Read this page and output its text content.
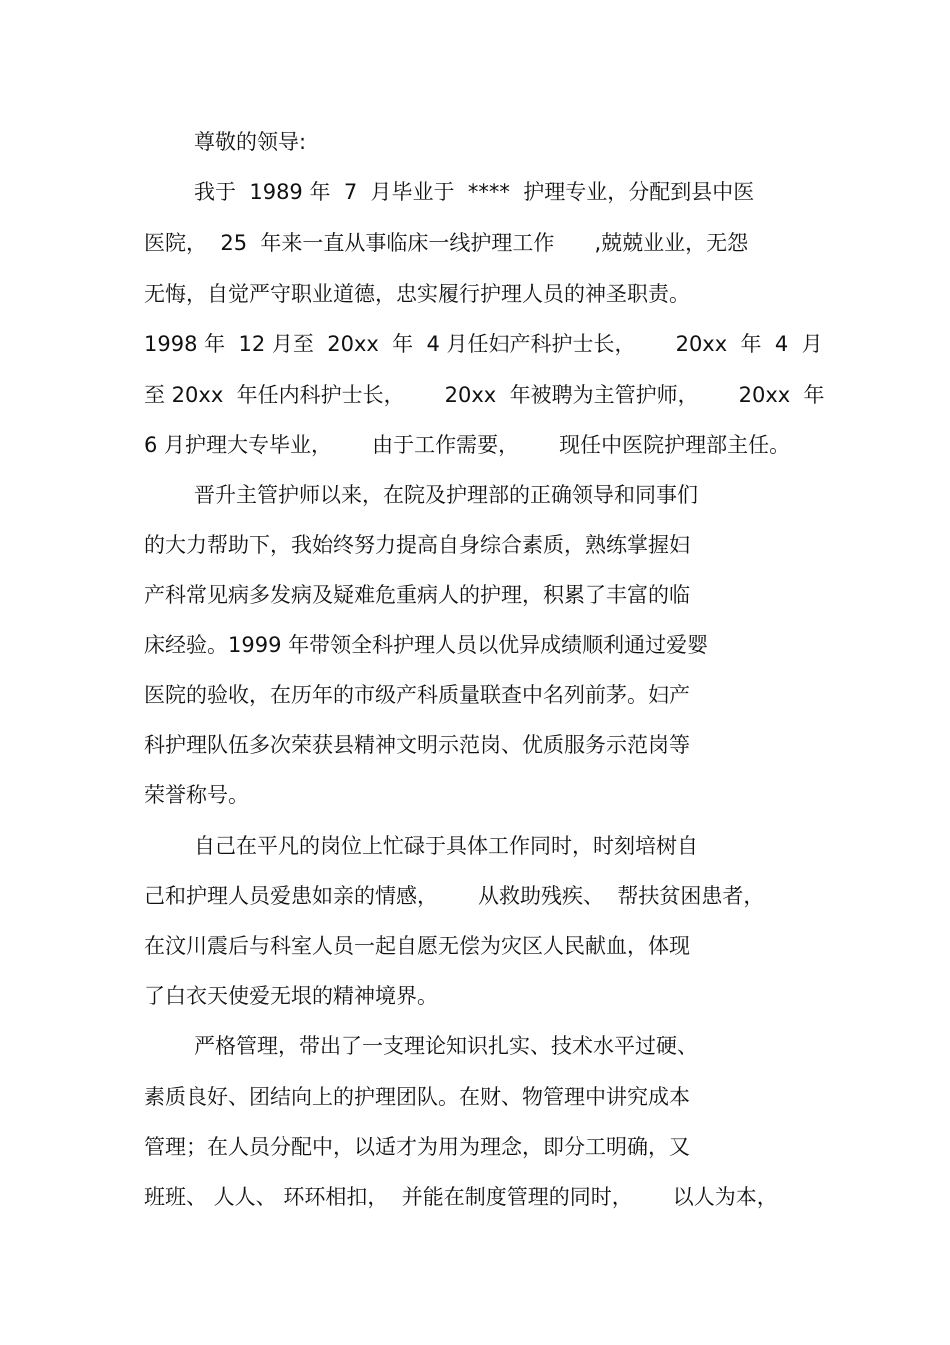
尊敬的领导:
我于  1989 年  7  月毕业于  ****  护理专业，分配到县中医
医院，  25  年来一直从事临床一线护理工作      ,兢兢业业，无怨
无悔，自觉严守职业道德，忠实履行护理人员的神圣职责。
1998 年  12 月至  20xx  年  4 月任妇产科护士长，      20xx  年  4  月
至 20xx  年任内科护士长，      20xx  年被聘为主管护师，      20xx  年
6 月护理大专毕业，      由于工作需要，      现任中医院护理部主任。
晋升主管护师以来，在院及护理部的正确领导和同事们
的大力帮助下，我始终努力提高自身综合素质，熟练掌握妇
产科常见病多发病及疑难危重病人的护理，积累了丰富的临
床经验。1999 年带领全科护理人员以优异成绩顺利通过爱婴
医院的验收，在历年的市级产科质量联查中名列前茅。妇产
科护理队伍多次荣获县精神文明示范岗、优质服务示范岗等
荣誉称号。
自己在平凡的岗位上忙碌于具体工作同时，时刻培树自
己和护理人员爱患如亲的情感，      从救助残疾、  帮扶贫困患者，
在汶川震后与科室人员一起自愿无偿为灾区人民献血，体现
了白衣天使爱无垠的精神境界。
严格管理，带出了一支理论知识扎实、技术水平过硬、
素质良好、团结向上的护理团队。在财、物管理中讲究成本
管理；在人员分配中，以适才为用为理念，即分工明确，又
班班、 人人、 环环相扣，  并能在制度管理的同时，      以人为本，
